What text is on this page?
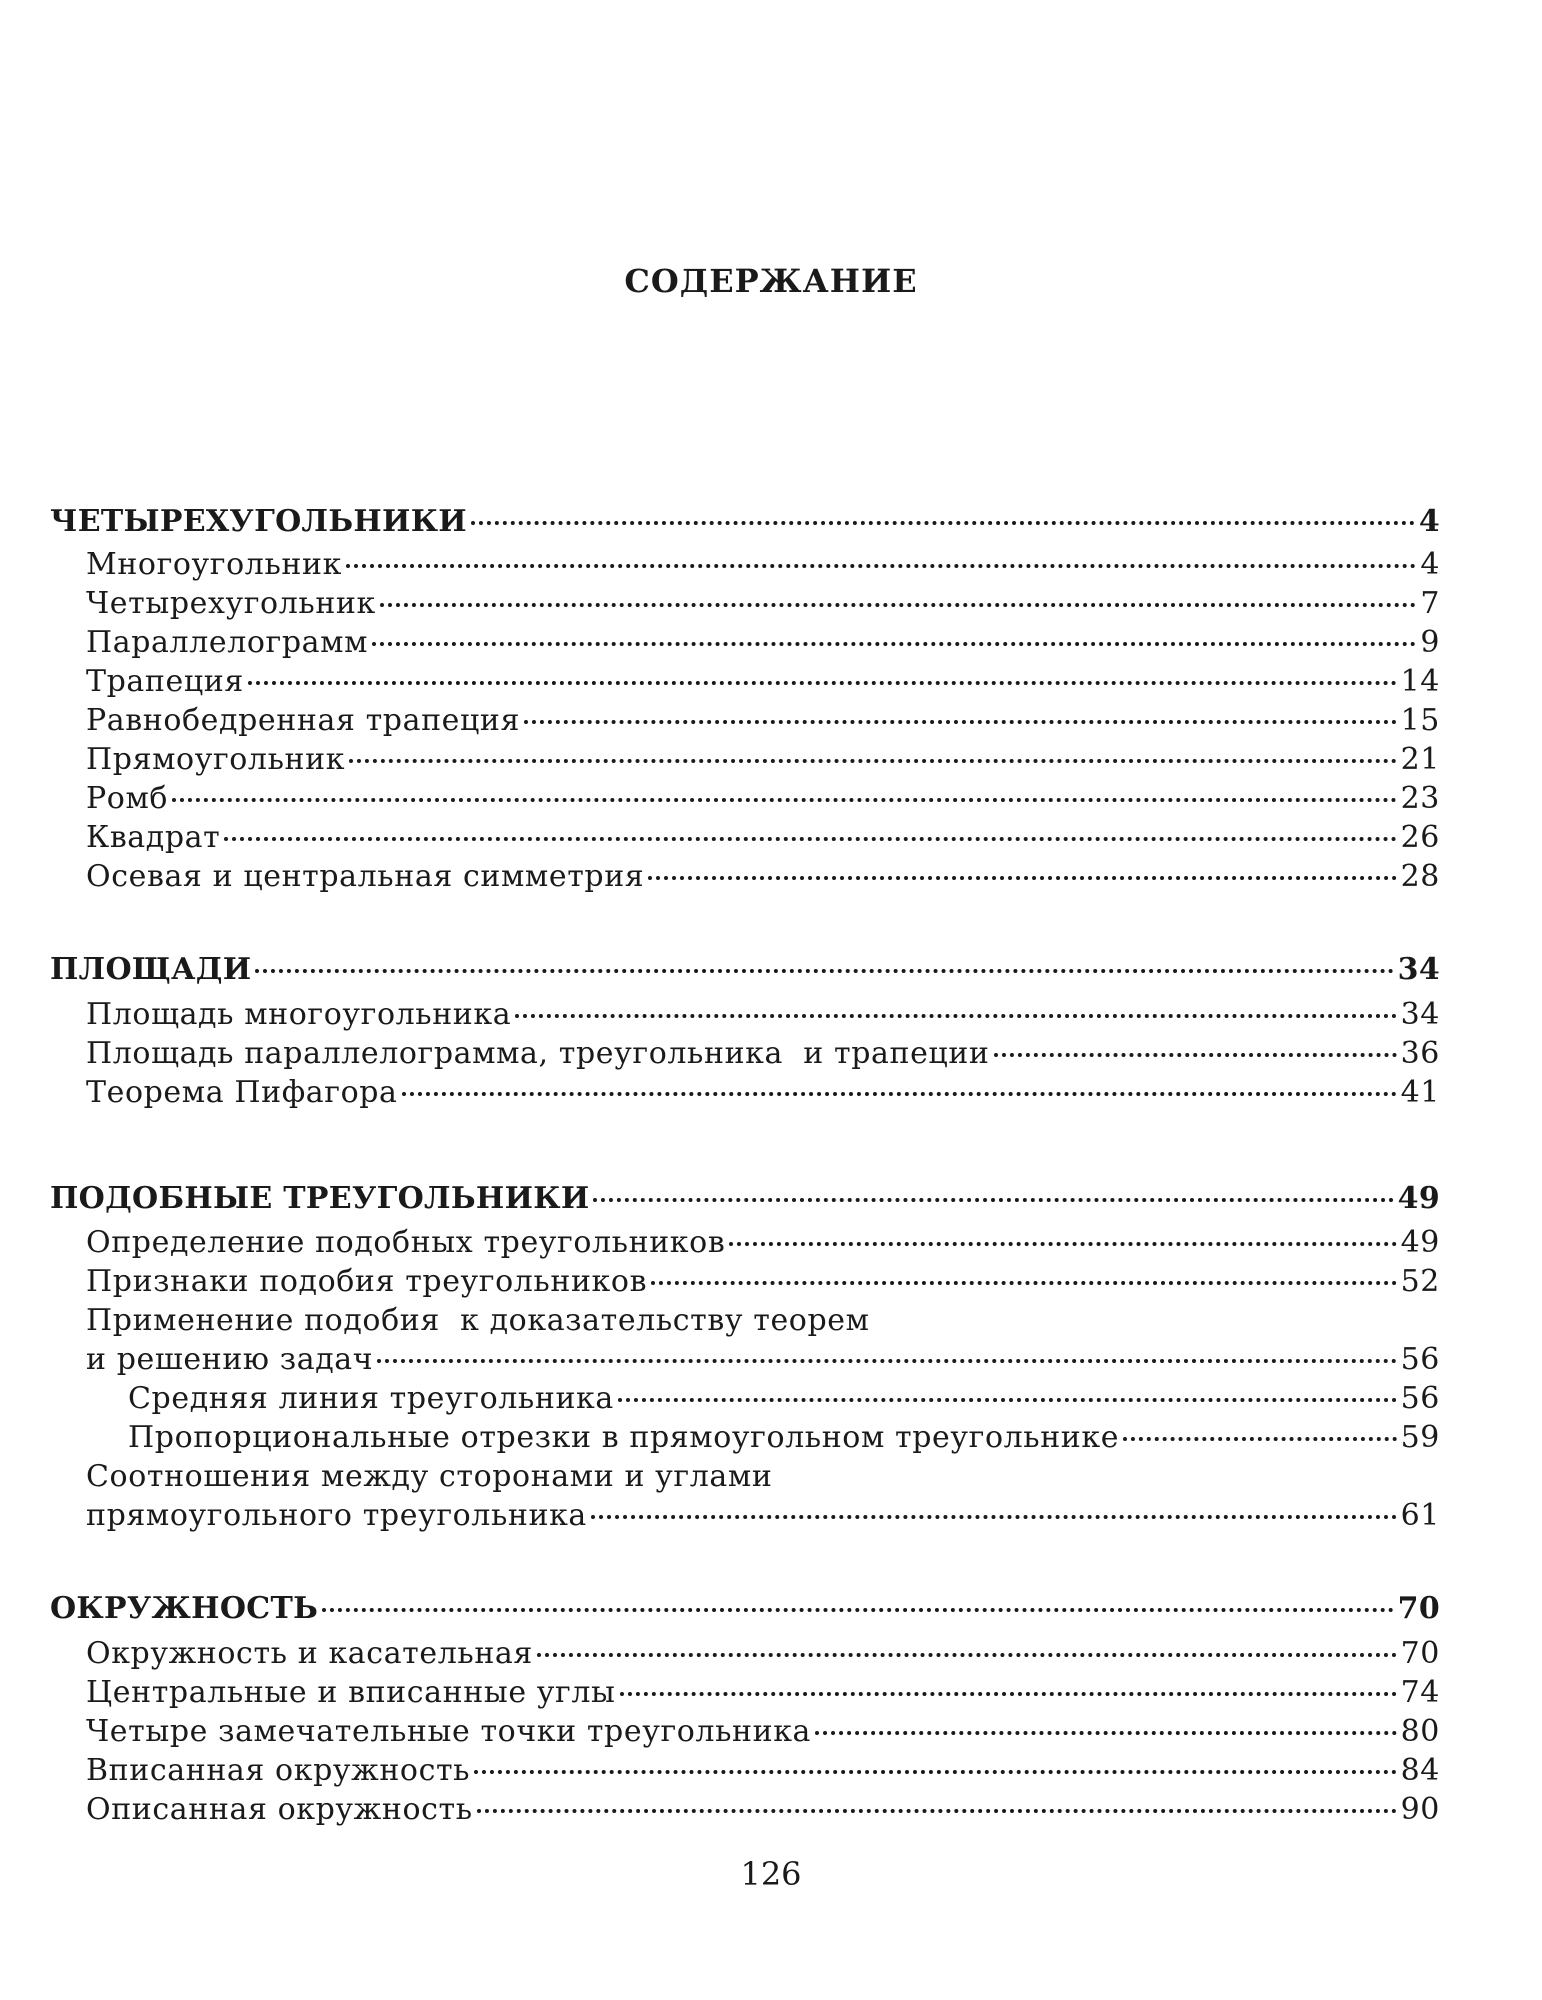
СОДЕРЖАНИЕ
ЧЕТЫРЕХУГОЛЬНИКИ	4
Многоугольник	4
Четырехугольник	7
Параллелограмм	9
Трапеция	14
Равнобедренная трапеция	15
Прямоугольник	21
Ромб	23
Квадрат	26
Осевая и центральная симметрия	28
ПЛОЩАДИ	34
Площадь многоугольника	34
Площадь параллелограмма, треугольника  и трапеции	36
Теорема Пифагора	41
ПОДОБНЫЕ ТРЕУГОЛЬНИКИ	49
Определение подобных треугольников	49
Признаки подобия треугольников	52
Применение подобия  к доказательству теорем
и решению задач	56
Средняя линия треугольника	56
Пропорциональные отрезки в прямоугольном треугольнике	59
Соотношения между сторонами и углами
прямоугольного треугольника	61
ОКРУЖНОСТЬ	70
Окружность и касательная	70
Центральные и вписанные углы	74
Четыре замечательные точки треугольника	80
Вписанная окружность	84
Описанная окружность	90
126
